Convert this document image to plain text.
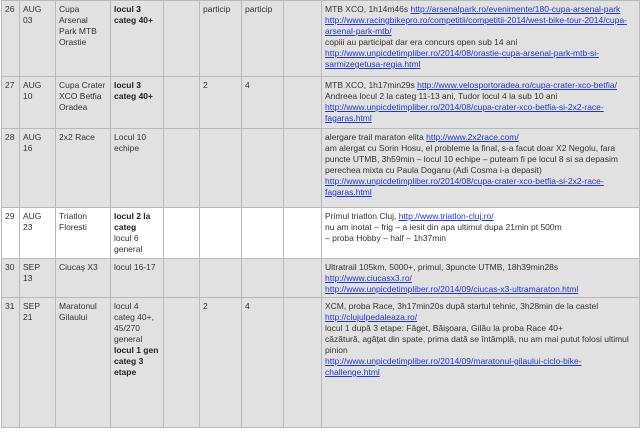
26	AUG
03	Cupa Arsenal Park MTB Orastie	locul 3
categ 40+		particip	particip		MTB XCO, 1h14m46s http://arsenalpark.ro/evenimente/180-cupa-arsenal-park
http://www.racingbikepro.ro/competitii/competitii-2014/west-bike-tour-2014/cupa-arsenal-park-mtb/
copiii au participat dar era concurs open sub 14 ani
http://www.unpicdetimpliber.ro/2014/08/orastie-cupa-arsenal-park-mtb-si-sarmizegetusa-regia.html

27	AUG
10	Cupa Crater XCO Betfia Oradea	locul 3
categ 40+		2	4		MTB XCO, 1h17min29s http://www.velosportoradea.ro/cupa-crater-xco-betfia/
Andreea locul 2 la categ 11-13 ani, Tudor locul 4 la sub 10 ani
http://www.unpicdetimpliber.ro/2014/08/cupa-crater-xco-betfia-si-2x2-race-fagaras.html

28	AUG
16	2x2 Race	Locul 10 echipe					alergare trail maraton elita http://www.2x2race.com/
am alergat cu Sorin Hosu, el probleme la final, s-a facut doar X2 Negoiu, fara puncte UTMB, 3h59min – locul 10 echipe – puteam fi pe locul 8 si sa depasim perechea mixta cu Paula Doganu (Adi Cosma i-a depasit)
http://www.unpicdetimpliber.ro/2014/08/cupa-crater-xco-betfia-si-2x2-race-fagaras.html

29	AUG
23	Triatlon Floresti	locul 2 la categ
locul 6 general					Primul triatlon Cluj, http://www.triatlon-cluj.ro/
nu am inotat – frig – a iesit din apa ultimul dupa 21min pt 500m
– proba Hobby – half – 1h37min

30	SEP
13	Ciucaş X3	locul 16-17					Ultratrail 105km, 5000+, primul, 3puncte UTMB, 18h39min28s
http://www.ciucasx3.ro/
http://www.unpicdetimpliber.ro/2014/09/ciucas-x3-ultramaraton.html

31	SEP
21	Maratonul Gilaului	locul 4 categ 40+, 45/270 general
locul 1 gen categ 3 etape		2	4		XCM, proba Race, 3h17min20s după startul tehnic, 3h28min de la castel
http://clujulpedaleaza.ro/
locul 1 după 3 etape: Făget, Băişoara, Gilău la proba Race 40+
căzătură, agăţat din spate, prima dată se întâmplă, nu am mai putut folosi ultimul pinion
http://www.unpicdetimpliber.ro/2014/09/maratonul-gilaului-ciclo-bike-challenge.html
